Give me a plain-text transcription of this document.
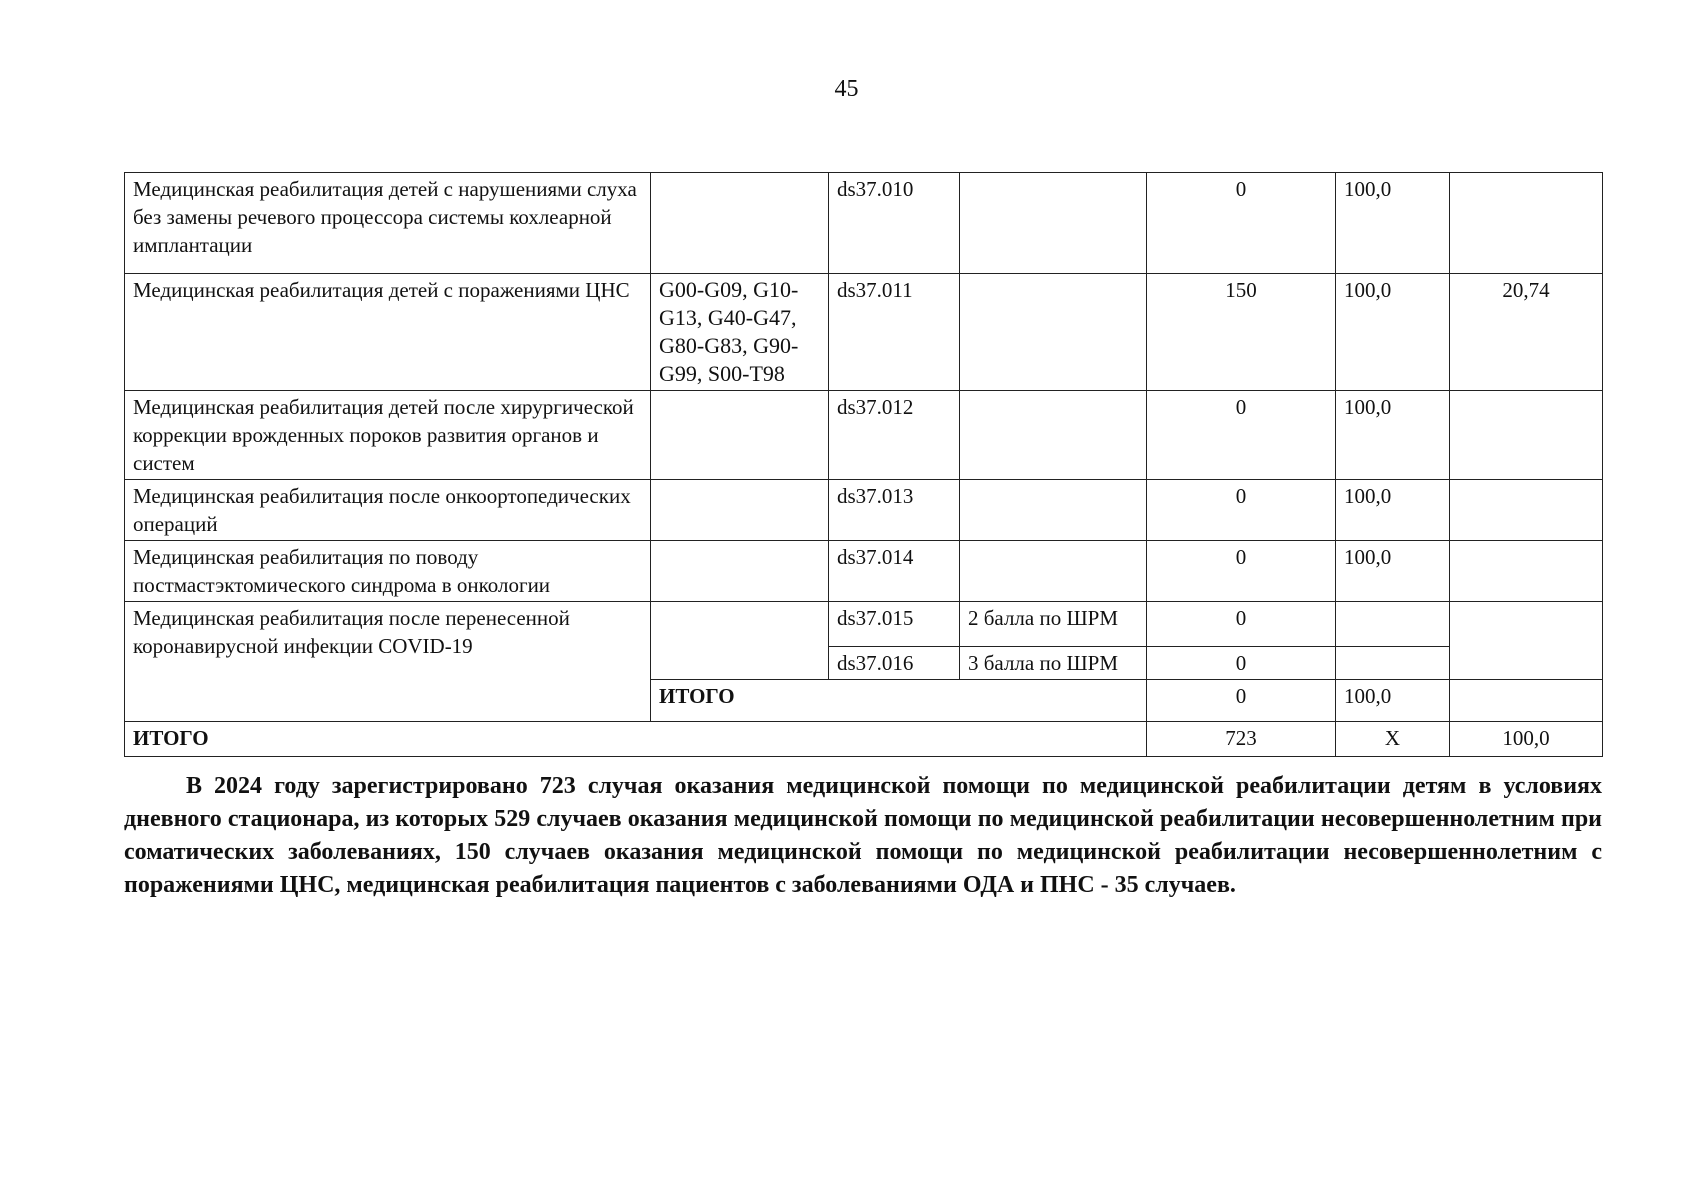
45
Медицинская реабилитация детей с нарушениями слуха без замены речевого процессора системы кохлеарной имплантации		ds37.010		0	100,0	
Медицинская реабилитация детей с поражениями ЦНС	G00-G09, G10-G13, G40-G47, G80-G83, G90-G99, S00-T98	ds37.011		150	100,0	20,74
Медицинская реабилитация детей после хирургической коррекции врожденных пороков развития органов и систем		ds37.012		0	100,0	
Медицинская реабилитация после онкоортопедических операций		ds37.013		0	100,0	
Медицинская реабилитация по поводу постмастэктомического синдрома в онкологии		ds37.014		0	100,0	
Медицинская реабилитация после перенесенной коронавирусной инфекции COVID-19		ds37.015	2 балла по ШРМ	0		
		ds37.016	3 балла по ШРМ	0		
	ИТОГО			0	100,0	
ИТОГО				723	Х	100,0

В 2024 году зарегистрировано 723 случая оказания медицинской помощи по медицинской реабилитации детям в условиях дневного стационара, из которых 529 случаев оказания медицинской помощи по медицинской реабилитации несовершеннолетним при соматических заболеваниях, 150 случаев оказания медицинской помощи по медицинской реабилитации несовершеннолетним с поражениями ЦНС, медицинская реабилитация пациентов с заболеваниями ОДА и ПНС - 35 случаев.
